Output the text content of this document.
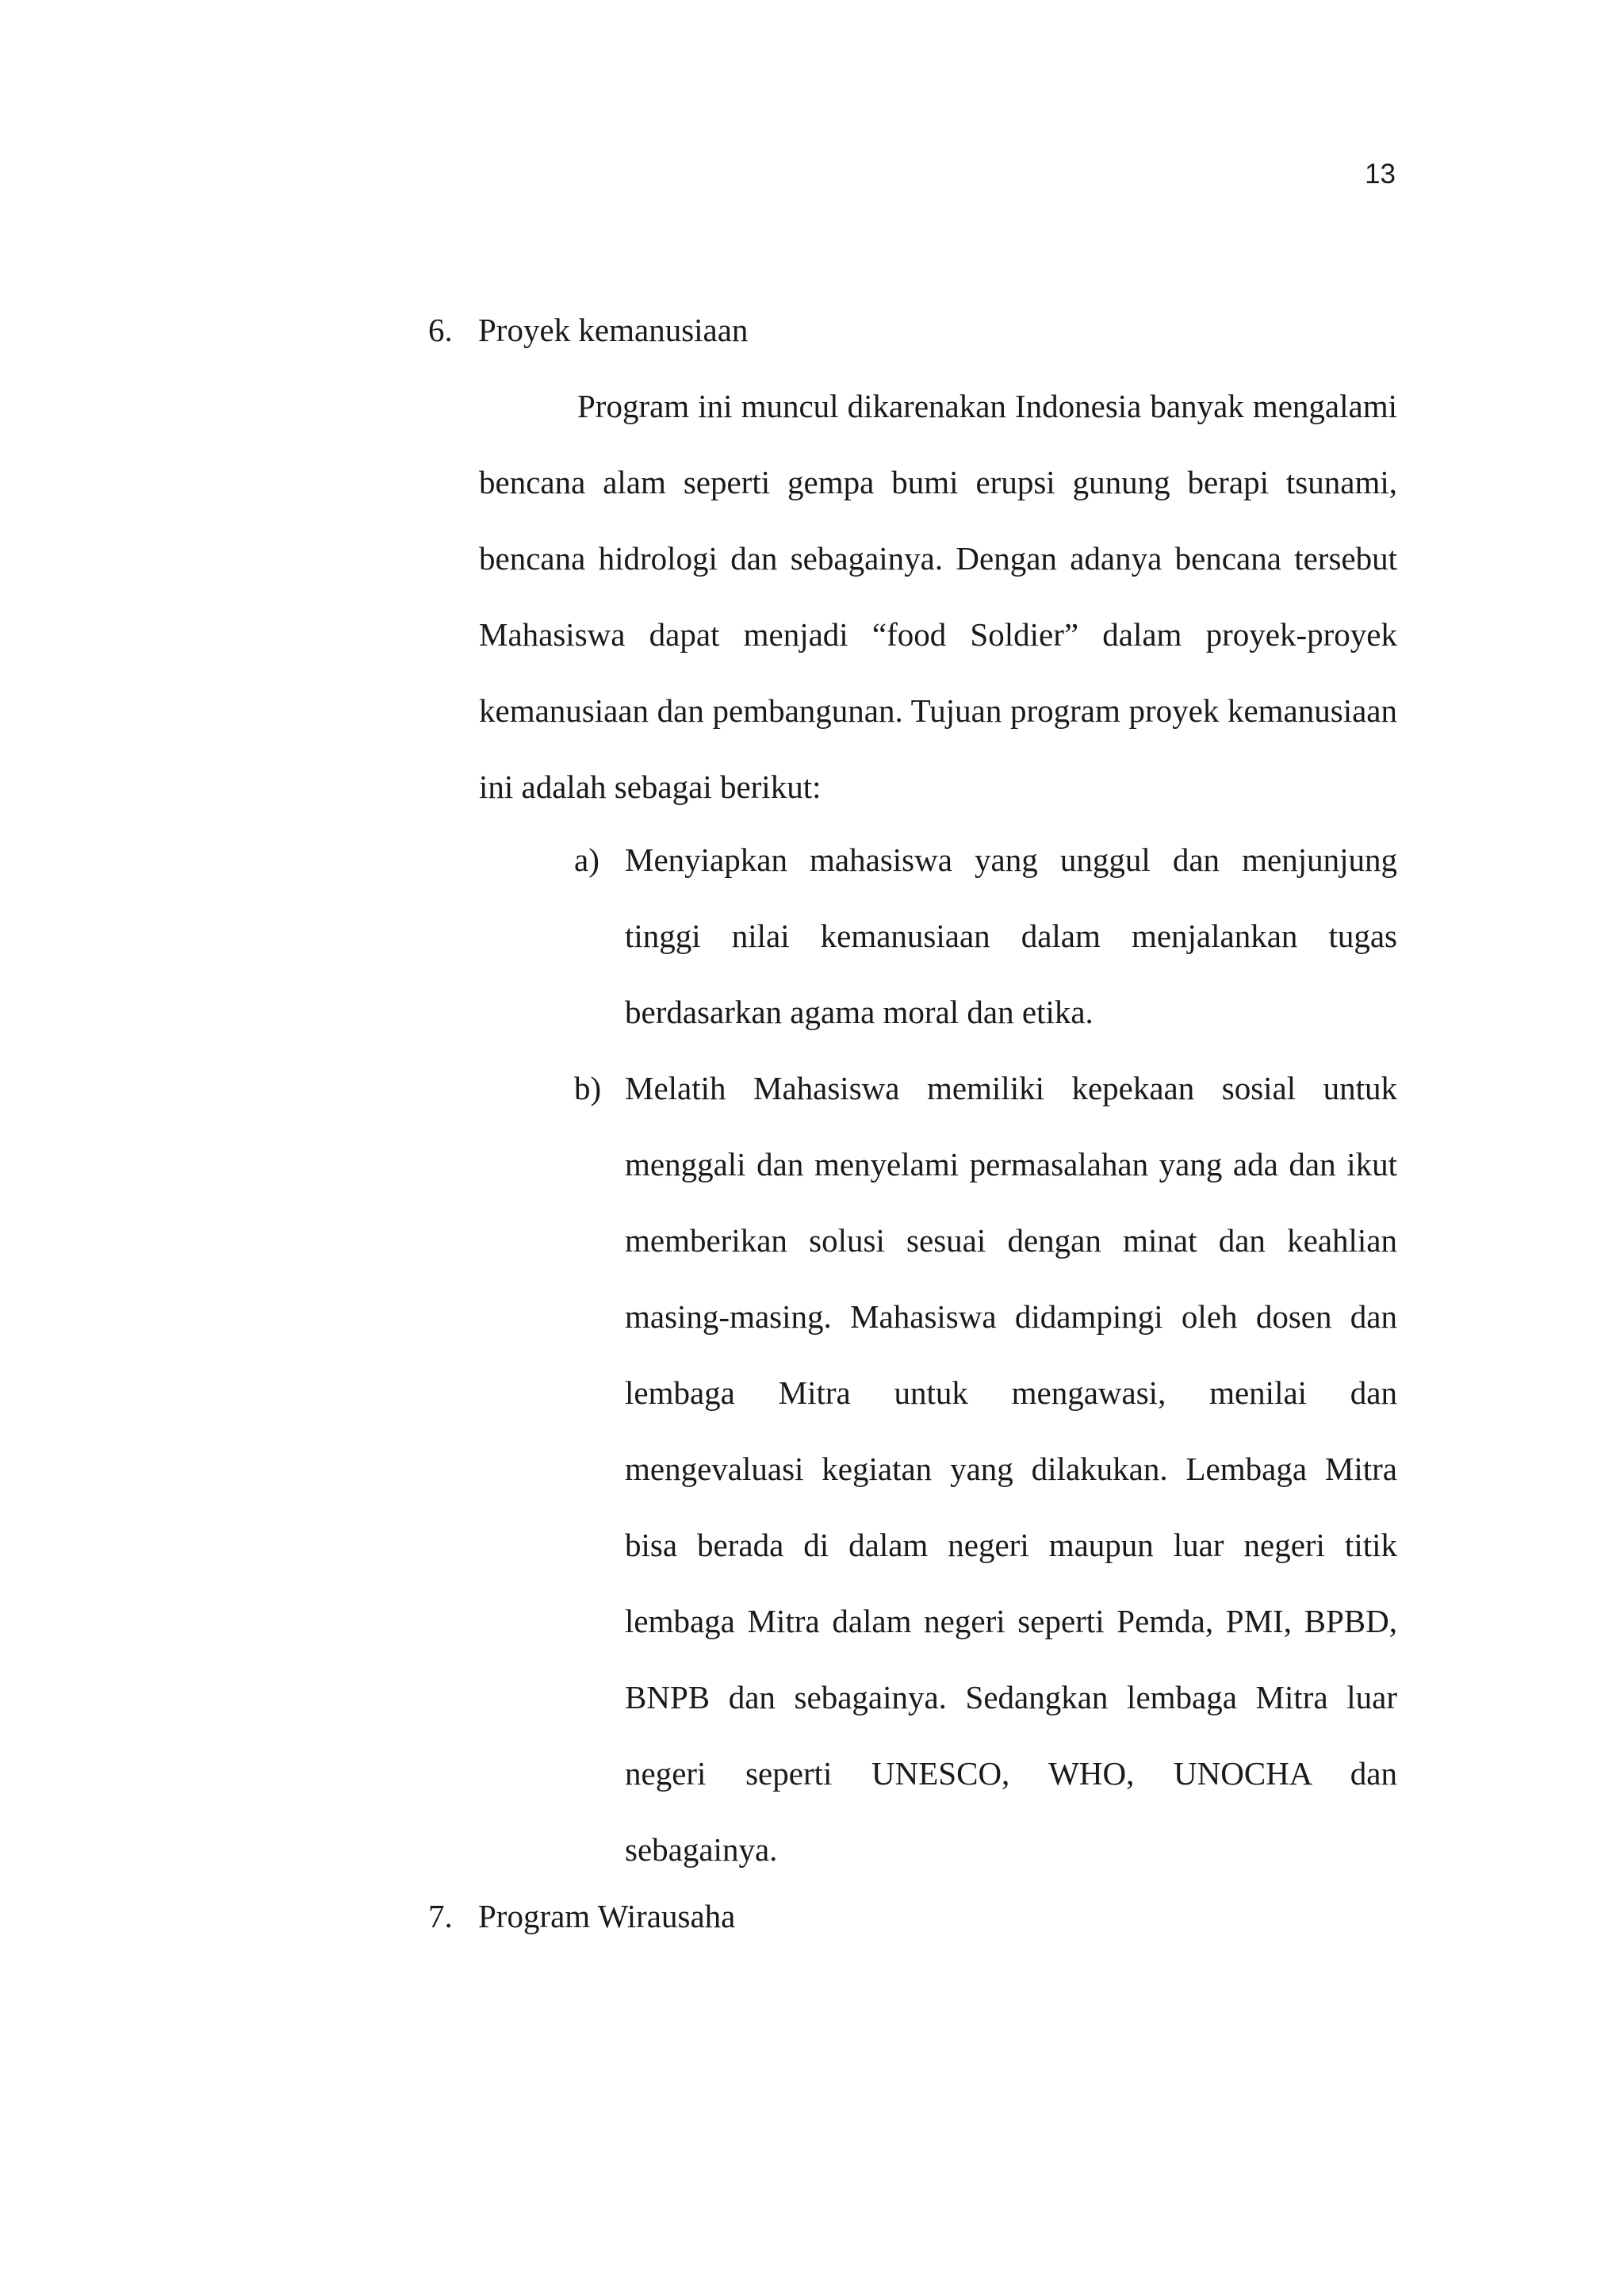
13
6. Proyek kemanusiaan
Program ini muncul dikarenakan Indonesia banyak mengalami
bencana alam seperti gempa bumi erupsi gunung berapi tsunami,
bencana hidrologi dan sebagainya. Dengan adanya bencana tersebut
Mahasiswa dapat menjadi “food Soldier” dalam proyek-proyek
kemanusiaan dan pembangunan. Tujuan program proyek kemanusiaan
ini adalah sebagai berikut:
a) Menyiapkan mahasiswa yang unggul dan menjunjung
tinggi nilai kemanusiaan dalam menjalankan tugas
berdasarkan agama moral dan etika.
b) Melatih Mahasiswa memiliki kepekaan sosial untuk
menggali dan menyelami permasalahan yang ada dan ikut
memberikan solusi sesuai dengan minat dan keahlian
masing-masing. Mahasiswa didampingi oleh dosen dan
lembaga Mitra untuk mengawasi, menilai dan
mengevaluasi kegiatan yang dilakukan. Lembaga Mitra
bisa berada di dalam negeri maupun luar negeri titik
lembaga Mitra dalam negeri seperti Pemda, PMI, BPBD,
BNPB dan sebagainya. Sedangkan lembaga Mitra luar
negeri seperti UNESCO, WHO, UNOCHA dan
sebagainya.
7. Program Wirausaha
